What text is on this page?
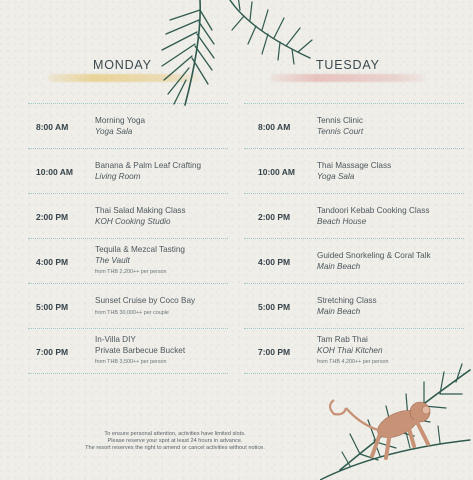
MONDAY
8:00 AM
Morning Yoga
Yoga Sala
10:00 AM
Banana & Palm Leaf Crafting
Living Room
2:00 PM
Thai Salad Making Class
KOH Cooking Studio
4:00 PM
Tequila & Mezcal Tasting
The Vault
from THB 2,200++ per person
5:00 PM
Sunset Cruise by Coco Bay
from THB 30,000++ per couple
7:00 PM
In-Villa DIY
Private Barbecue Bucket
from THB 3,500++ per person
TUESDAY
8:00 AM
Tennis Clinic
Tennis Court
10:00 AM
Thai Massage Class
Yoga Sala
2:00 PM
Tandoori Kebab Cooking Class
Beach House
4:00 PM
Guided Snorkeling & Coral Talk
Main Beach
5:00 PM
Stretching Class
Main Beach
7:00 PM
Tam Rab Thai
KOH Thai Kitchen
from THB 4,200++ per person
To ensure personal attention, activities have limited slots.
Please reserve your spot at least 24 hours in advance.
The resort reserves the right to amend or cancel activities without notice.
